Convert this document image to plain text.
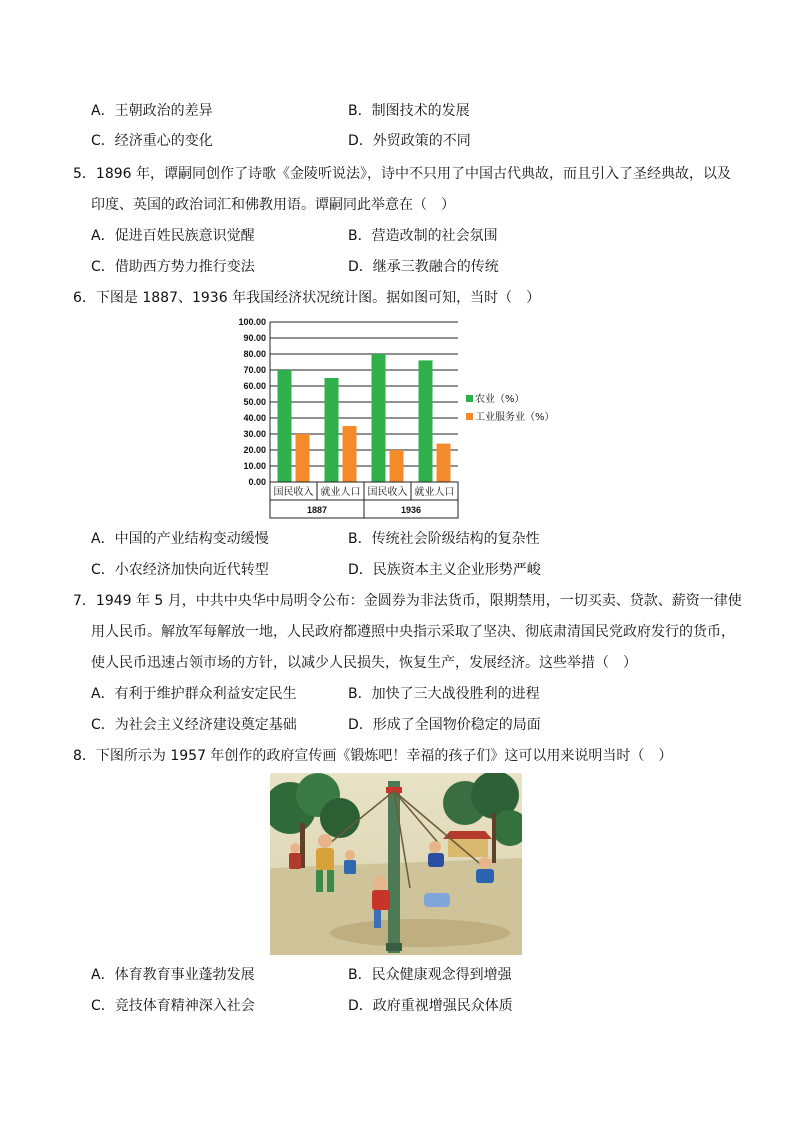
A．王朝政治的差异	B．制图技术的发展
C．经济重心的变化	D．外贸政策的不同
5．1896 年，谭嗣同创作了诗歌《金陵听说法》，诗中不只用了中国古代典故，而且引入了圣经典故，以及
印度、英国的政治词汇和佛教用语。谭嗣同此举意在（　）
A．促进百姓民族意识觉醒	B．营造改制的社会氛围
C．借助西方势力推行变法	D．继承三教融合的传统
6．下图是 1887、1936 年我国经济状况统计图。据如图可知，当时（　）
100.00
90.00
80.00
70.00
60.00
50.00
40.00
30.00
20.00
10.00
0.00
国民收入 就业人口 国民收入 就业人口
1887	1936
农业（%）
工业服务业（%）
A．中国的产业结构变动缓慢	B．传统社会阶级结构的复杂性
C．小农经济加快向近代转型	D．民族资本主义企业形势严峻
7．1949 年 5 月，中共中央华中局明令公布：金圆券为非法货币，限期禁用，一切买卖、贷款、薪资一律使
用人民币。解放军每解放一地，人民政府都遵照中央指示采取了坚决、彻底肃清国民党政府发行的货币，
使人民币迅速占领市场的方针，以减少人民损失，恢复生产，发展经济。这些举措（　）
A．有利于维护群众利益安定民生	B．加快了三大战役胜利的进程
C．为社会主义经济建设奠定基础	D．形成了全国物价稳定的局面
8．下图所示为 1957 年创作的政府宣传画《锻炼吧！幸福的孩子们》这可以用来说明当时（　）
A．体育教育事业蓬勃发展	B．民众健康观念得到增强
C．竞技体育精神深入社会	D．政府重视增强民众体质
